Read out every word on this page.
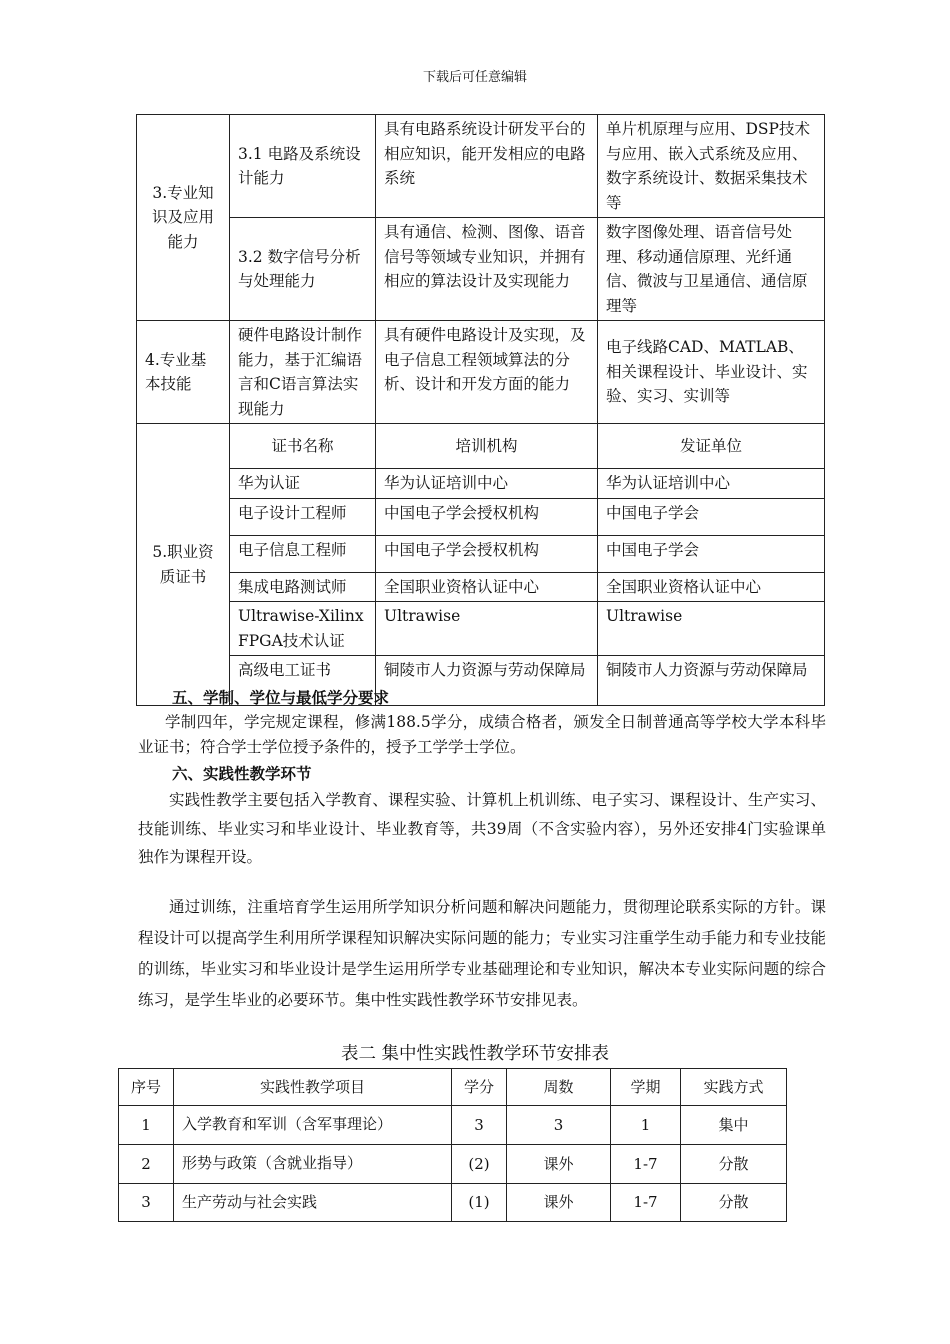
下载后可任意编辑
3.专业知识及应用能力	3.1 电路及系统设计能力	具有电路系统设计研发平台的相应知识，能开发相应的电路系统	单片机原理与应用、DSP技术与应用、嵌入式系统及应用、数字系统设计、数据采集技术等
	3.2 数字信号分析与处理能力	具有通信、检测、图像、语音信号等领域专业知识，并拥有相应的算法设计及实现能力	数字图像处理、语音信号处理、移动通信原理、光纤通信、微波与卫星通信、通信原理等
4.专业基本技能	硬件电路设计制作能力，基于汇编语言和C语言算法实现能力	具有硬件电路设计及实现，及电子信息工程领域算法的分析、设计和开发方面的能力	电子线路CAD、MATLAB、相关课程设计、毕业设计、实验、实习、实训等
5.职业资质证书	证书名称	培训机构	发证单位
	华为认证	华为认证培训中心	华为认证培训中心
	电子设计工程师	中国电子学会授权机构	中国电子学会
	电子信息工程师	中国电子学会授权机构	中国电子学会
	集成电路测试师	全国职业资格认证中心	全国职业资格认证中心
	Ultrawise-Xilinx FPGA技术认证	Ultrawise	Ultrawise
	高级电工证书	铜陵市人力资源与劳动保障局	铜陵市人力资源与劳动保障局
五、学制、学位与最低学分要求

学制四年，学完规定课程，修满188.5学分，成绩合格者，颁发全日制普通高等学校大学本科毕业证书；符合学士学位授予条件的，授予工学学士学位。

六、实践性教学环节

实践性教学主要包括入学教育、课程实验、计算机上机训练、电子实习、课程设计、生产实习、技能训练、毕业实习和毕业设计、毕业教育等，共39周（不含实验内容），另外还安排4门实验课单独作为课程开设。

通过训练，注重培育学生运用所学知识分析问题和解决问题能力，贯彻理论联系实际的方针。课程设计可以提高学生利用所学课程知识解决实际问题的能力；专业实习注重学生动手能力和专业技能的训练，毕业实习和毕业设计是学生运用所学专业基础理论和专业知识，解决本专业实际问题的综合练习，是学生毕业的必要环节。集中性实践性教学环节安排见表。

表二 集中性实践性教学环节安排表
序号	实践性教学项目	学分	周数	学期	实践方式
1	入学教育和军训（含军事理论）	3	3	1	集中
2	形势与政策（含就业指导）	(2)	课外	1-7	分散
3	生产劳动与社会实践	(1)	课外	1-7	分散
